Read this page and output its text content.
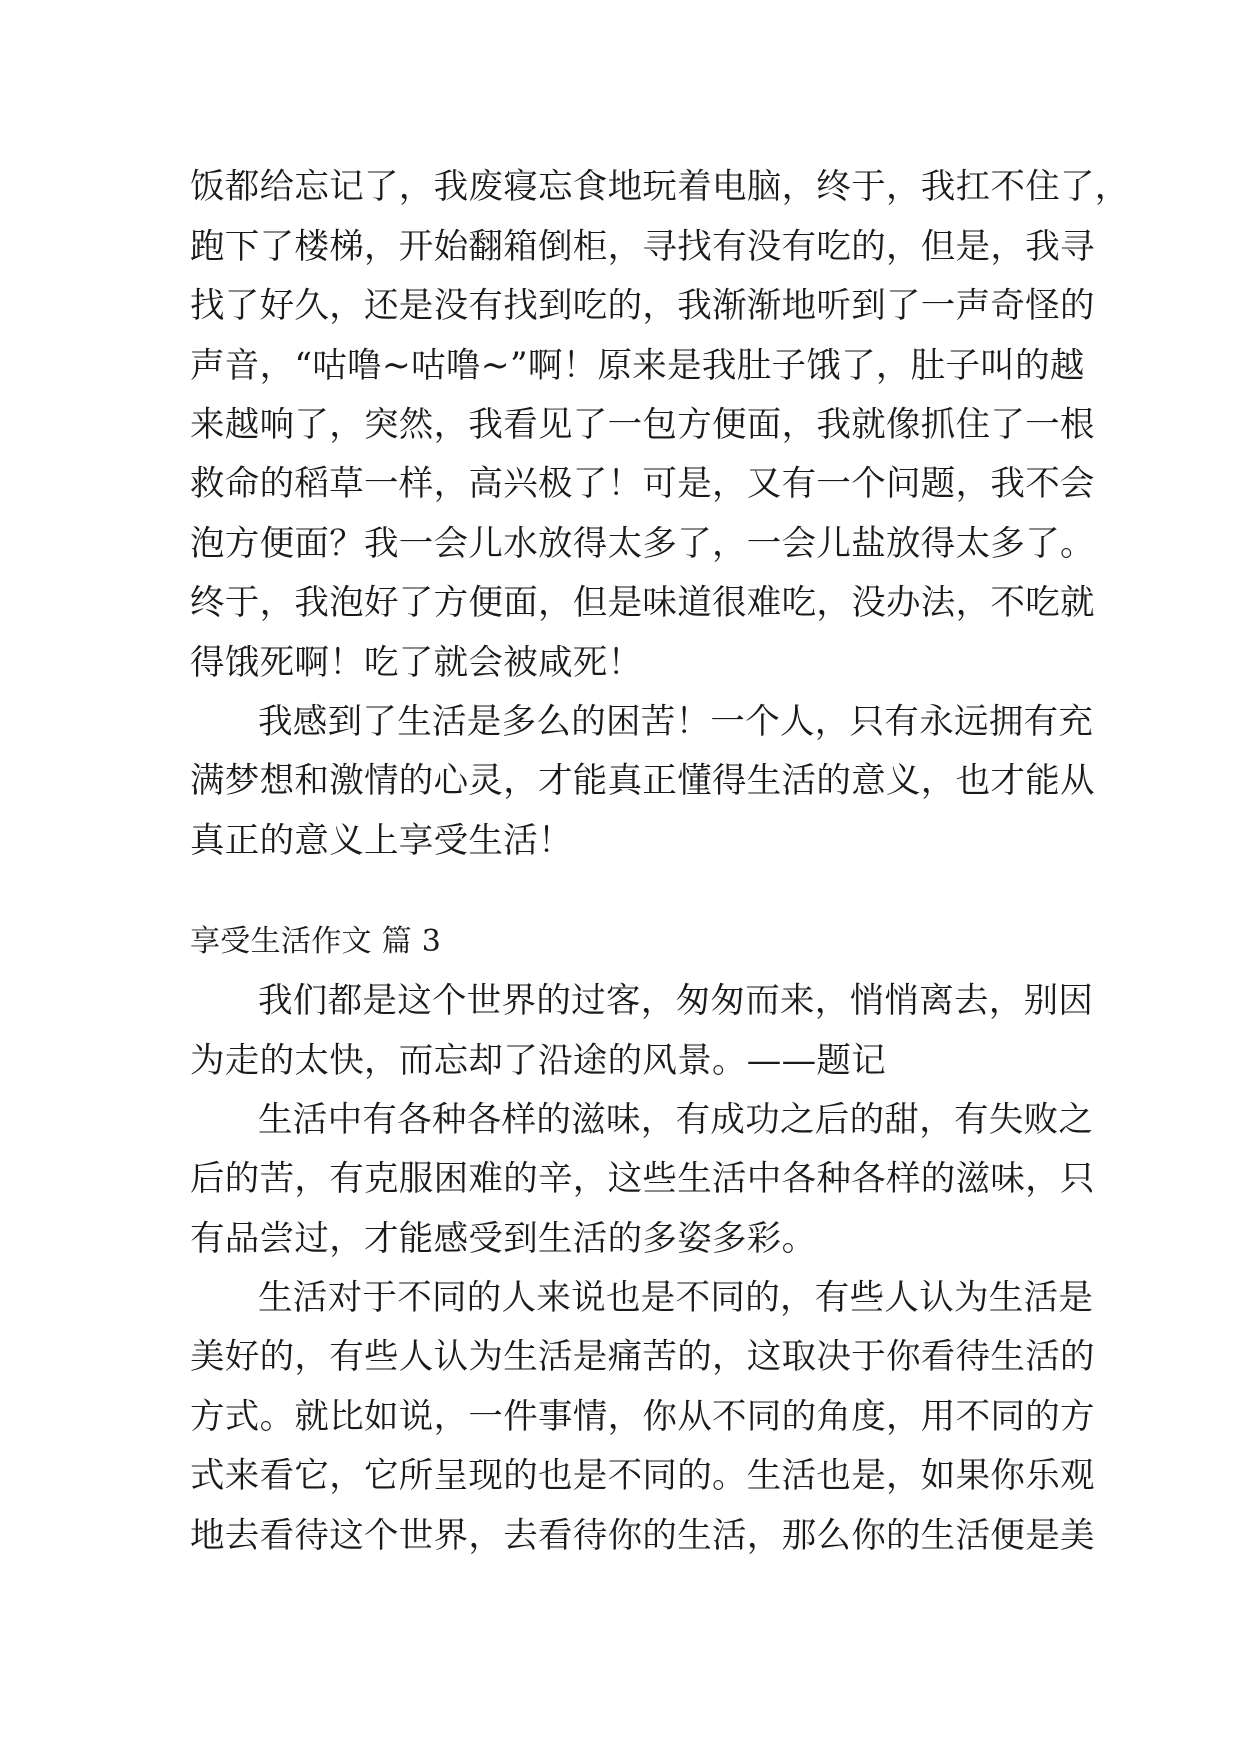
饭都给忘记了，我废寝忘食地玩着电脑，终于，我扛不住了，
跑下了楼梯，开始翻箱倒柜，寻找有没有吃的，但是，我寻
找了好久，还是没有找到吃的，我渐渐地听到了一声奇怪的
声音，“咕噜~咕噜~”啊！原来是我肚子饿了，肚子叫的越
来越响了，突然，我看见了一包方便面，我就像抓住了一根
救命的稻草一样，高兴极了！可是，又有一个问题，我不会
泡方便面？我一会儿水放得太多了，一会儿盐放得太多了。
终于，我泡好了方便面，但是味道很难吃，没办法，不吃就
得饿死啊！吃了就会被咸死！
我感到了生活是多么的困苦！一个人，只有永远拥有充
满梦想和激情的心灵，才能真正懂得生活的意义，也才能从
真正的意义上享受生活！
享受生活作文 篇 3
我们都是这个世界的过客，匆匆而来，悄悄离去，别因
为走的太快，而忘却了沿途的风景。——题记
生活中有各种各样的滋味，有成功之后的甜，有失败之
后的苦，有克服困难的辛，这些生活中各种各样的滋味，只
有品尝过，才能感受到生活的多姿多彩。
生活对于不同的人来说也是不同的，有些人认为生活是
美好的，有些人认为生活是痛苦的，这取决于你看待生活的
方式。就比如说，一件事情，你从不同的角度，用不同的方
式来看它，它所呈现的也是不同的。生活也是，如果你乐观
地去看待这个世界，去看待你的生活，那么你的生活便是美
